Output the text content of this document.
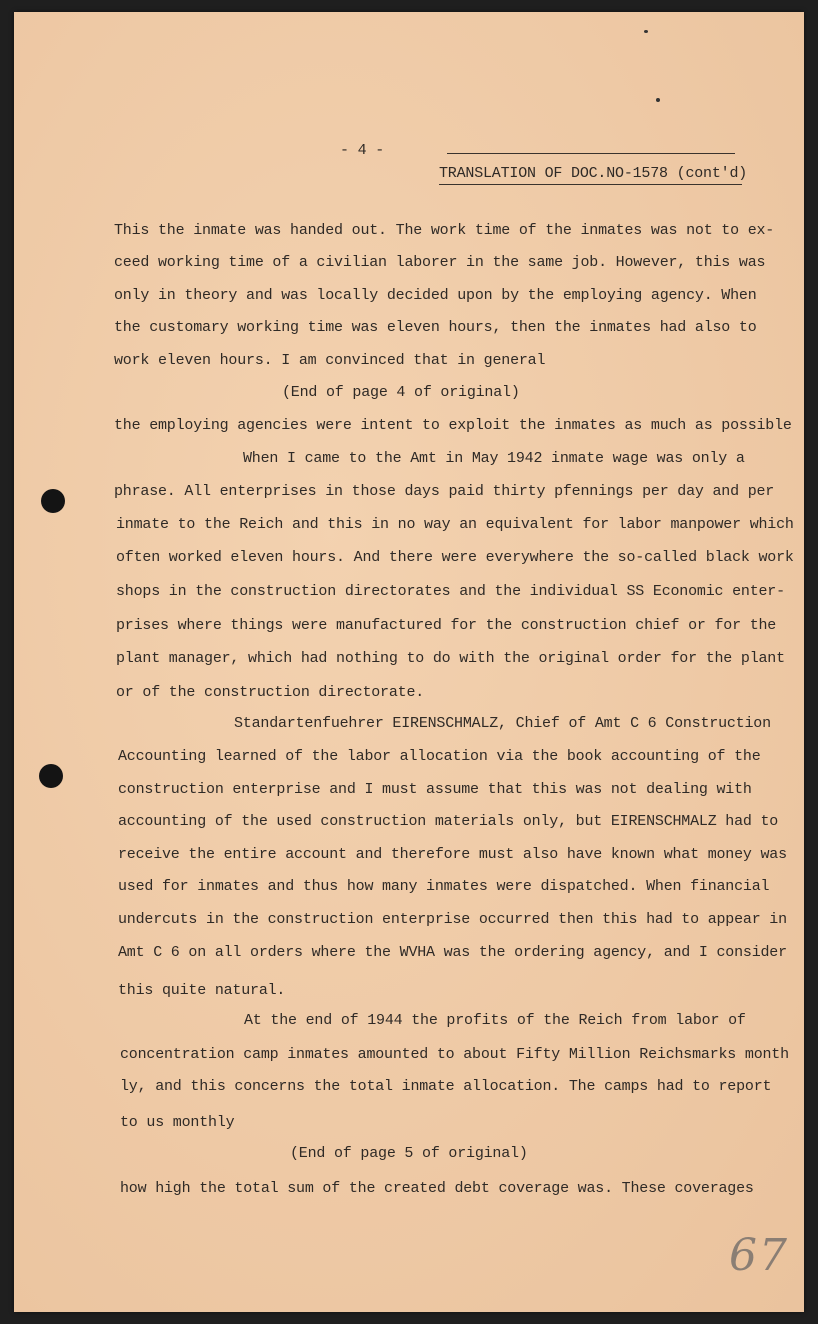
- 4 -
TRANSLATION OF DOC.NO-1578 (cont'd)
This the inmate was handed out. The work time of the inmates was not to ex-
ceed working time of a civilian laborer in the same job. However, this was
only in theory and was locally decided upon by the employing agency. When
the customary working time was eleven hours, then the inmates had also to
work eleven hours. I am convinced that in general
(End of page 4 of original)
the employing agencies were intent to exploit the inmates as much as possible
When I came to the Amt in May 1942 inmate wage was only a
phrase. All enterprises in those days paid thirty pfennings per day and per
inmate to the Reich and this in no way an equivalent for labor manpower which
often worked eleven hours. And there were everywhere the so-called black work
shops in the construction directorates and the individual SS Economic enter-
prises where things were manufactured for the construction chief or for the
plant manager, which had nothing to do with the original order for the plant
or of the construction directorate.
Standartenfuehrer EIRENSCHMALZ, Chief of Amt C 6 Construction
Accounting learned of the labor allocation via the book accounting of the
construction enterprise and I must assume that this was not dealing with
accounting of the used construction materials only, but EIRENSCHMALZ had to
receive the entire account and therefore must also have known what money was
used for inmates and thus how many inmates were dispatched. When financial
undercuts in the construction enterprise occurred then this had to appear in
Amt C 6 on all orders where the WVHA was the ordering agency, and I consider
this quite natural.
At the end of 1944 the profits of the Reich from labor of
concentration camp inmates amounted to about Fifty Million Reichsmarks month
ly, and this concerns the total inmate allocation. The camps had to report
to us monthly
(End of page 5 of original)
how high the total sum of the created debt coverage was. These coverages
67
